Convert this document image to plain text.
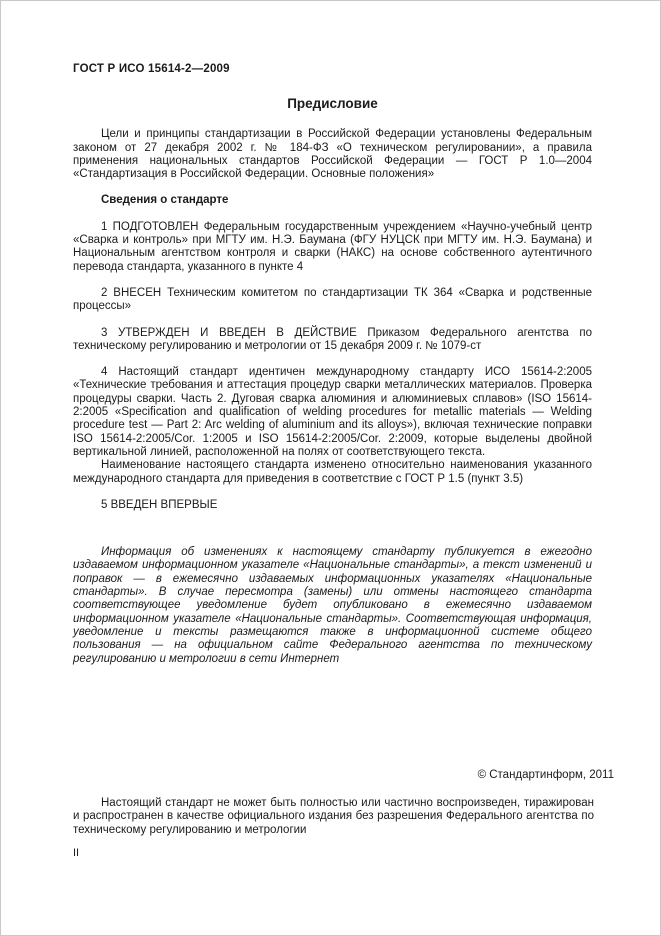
ГОСТ Р ИСО 15614-2—2009
Предисловие

Цели и принципы стандартизации в Российской Федерации установлены Федеральным законом от 27 декабря 2002 г. № 184-ФЗ «О техническом регулировании», а правила применения национальных стандартов Российской Федерации — ГОСТ Р 1.0—2004 «Стандартизация в Российской Федерации. Основные положения»

Сведения о стандарте

1 ПОДГОТОВЛЕН Федеральным государственным учреждением «Научно-учебный центр «Сварка и контроль» при МГТУ им. Н.Э. Баумана (ФГУ НУЦСК при МГТУ им. Н.Э. Баумана) и Национальным агентством контроля и сварки (НАКС) на основе собственного аутентичного перевода стандарта, указанного в пункте 4

2 ВНЕСЕН Техническим комитетом по стандартизации ТК 364 «Сварка и родственные процессы»

3 УТВЕРЖДЕН И ВВЕДЕН В ДЕЙСТВИЕ Приказом Федерального агентства по техническому регулированию и метрологии от 15 декабря 2009 г. № 1079-ст

4 Настоящий стандарт идентичен международному стандарту ИСО 15614-2:2005 «Технические требования и аттестация процедур сварки металлических материалов. Проверка процедуры сварки. Часть 2. Дуговая сварка алюминия и алюминиевых сплавов» (ISO 15614-2:2005 «Specification and qualification of welding procedures for metallic materials — Welding procedure test — Part 2: Arc welding of aluminium and its alloys»), включая технические поправки ISO 15614-2:2005/Cor. 1:2005 и ISO 15614-2:2005/Cor. 2:2009, которые выделены двойной вертикальной линией, расположенной на полях от соответствующего текста.

Наименование настоящего стандарта изменено относительно наименования указанного международного стандарта для приведения в соответствие с ГОСТ Р 1.5 (пункт 3.5)

5 ВВЕДЕН ВПЕРВЫЕ

Информация об изменениях к настоящему стандарту публикуется в ежегодно издаваемом информационном указателе «Национальные стандарты», а текст изменений и поправок — в ежемесячно издаваемых информационных указателях «Национальные стандарты». В случае пересмотра (замены) или отмены настоящего стандарта соответствующее уведомление будет опубликовано в ежемесячно издаваемом информационном указателе «Национальные стандарты». Соответствующая информация, уведомление и тексты размещаются также в информационной системе общего пользования — на официальном сайте Федерального агентства по техническому регулированию и метрологии в сети Интернет

© Стандартинформ, 2011

Настоящий стандарт не может быть полностью или частично воспроизведен, тиражирован и распространен в качестве официального издания без разрешения Федерального агентства по техническому регулированию и метрологии

II
